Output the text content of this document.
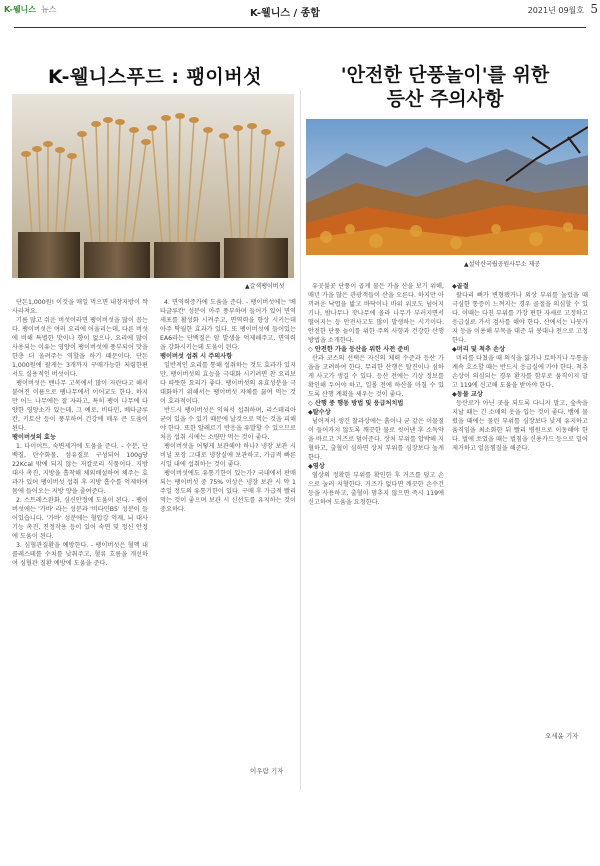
K-웰니스 뉴스	K-웰니스 / 종합	2021년 09월호 5
K-웰니스푸드 : 팽이버섯	'안전한 단풍놀이'를 위한
등산 주의사항
▲갈색팽이버섯
▲설악산국립공원사무소 제공

단돈1,000원! 이것을 매일 먹으면 내장지방이 싹 사라져요.

기름 많고 쉬운 버섯이라면 팽이버섯을 많이 꼽는다. 팽이버섯은 여러 요리에 어울리는데, 다른 버섯에 비해 특별한 맛이나 향이 없으나, 요리에 많이 사용되는 이유는 영양이 팽이버섯에 풍부되어 맛을 한층 더 올려주는 역할을 하기 때문이다. 단돈1,000원에 팔게는 3개까지 구매가능한 저렴한편서도 실용적인 버섯이다.

팽이버섯은 밴나무 고목에서 많이 자란다고 해서 붙여진 이름으로 팽나무에서 이어교도 한다. 하지만 어느 나무에든 잘 자라고, 특히 팽이 나무에 다양한 영양소가 있는데, 그 예로, 비타민, 베타글루칸, 키토산 등이 풍부하여 건강에 매우 큰 도움이 된다.

팽이버섯의 효능

1. 다이어트, 숙변제거에 도움을 준다. - 수분, 단백질, 탄수화물, 섬유질로 구성되어 100g당 22Kcal 밖에 되지 않는 저칼로리 식품이다. 지방대사 촉진, 지방을 흡착해 체외배설하여 체주는 효과가 있어 팽이버섯 섭취 후 지방 흡수를 억제하며 몸에 들어오는 지방 양을 줄여준다.

2. 스트레스완화, 심신안정에 도움이 된다. - 팽이버섯에는 '가바' 라는 성분과 '비타민B5' 성분이 들어있습니다. '가바' 성분에는 혈압강 억제, 뇌 대사 기능 촉진, 진정작용 등이 있어 숙면 및 정신 안정에 도움이 된다.

3. 심혈관질환을 예방한다. - 팽이버섯은 혈액 내 콜레스테롤 수치를 낮춰주고, 혈류 흐름을 개선하여 심혈관 질환 예방에 도움을 준다.

4. 면역력증가에 도움을 준다. - 팽이버섯에는 '베타글루칸' 성분이 아주 풍부하며 들어가 있어 면역세포를 활성화 시켜주고, 면역력을 향상 시키는데 아주 탁월한 효과가 있다. 또 팽이버섯에 들어있는 EA6라는 단백질은 암 발생을 억제해주고, 면역력을 강화시키는데 도움이 된다.

팽이버섯 섭취 시 주의사항

일반적인 요리를 통해 섭취하는 것도 효과가 있지만, 팽이버섯의 효능을 극대화 시키려면 찬 요리보다 따뜻한 요리가 좋다. 팽이버섯의 유효성분을 극대화하기 위해서는 팽이버섯 자체를 끓여 먹는 것이 효과적이다.

반드시 팽이버섯은 익혀서 섭취하며, 리스테리아 균이 있을 수 있기 때문에 날것으로 먹는 것을 피해야 한다. 또한 알레르기 반응을 유발할 수 있으므로 처음 섭취 시에는 소량만 먹는 것이 좋다.

팽이버섯을 어떻게 보관해야 하나? 냉장 보관 시 비닐 포장 그대로 냉장실에 보관하고, 가급적 빠른 시일 내에 섭취하는 것이 좋다.

팽이버섯에도 유통기한이 있는가? 국내에서 판매되는 팽이버섯 중 75% 이상은 냉장 보관 시 약 1주일 정도의 유통기한이 있다. 구매 후 가급적 빨리 먹는 것이 좋으며 보관 시 신선도를 유지하는 것이 중요하다.

이우람 기자

유곳불곳 단풍이 곱게 물든 가을 산을 보기 위해, 매년 가을 많은 관광객들이 산을 오른다. 하지만 아끼려운 낙엽을 밟고 바닥이나 바위 위로도 넘어지기나, 밤나무나 잣나무에 올라 나무가 부러지면서 떨어지는 등 안전사고도 많이 발생하는 시기이다. 안전한 단풍 놀이를 위한 주의 사항과 건강한 산행 방법을 소개한다.

◇ 안전한 가을 등산을 위한 사전 준비

산과 코스의 선택은 자신의 체력 수준과 등산 가을을 고려하여 한다. 무리한 산행은 탈진이나 심하게 사고가 생길 수 있다. 등산 전에는 기상 정보를 확인해 두어야 하고, 일몰 전에 하산을 마칠 수 있도록 산행 계획을 세우는 것이 좋다.

◇ 산행 중 행동 방법 및 응급처치법

◆탈수상

넘어져서 생긴 찰과상에는 흙이나 균 같은 이물질이 들어가지 않도록 깨끗한 물로 씻어낸 후 소독약을 바르고 거즈로 덮어준다. 상처 부위를 압박해 지혈하고, 출혈이 심하면 상처 부위를 심장보다 높게 한다.

◆염상

염상의 정확한 부위를 확인한 후 거즈를 덮고 손으로 눌러 지혈한다. 거즈가 없다면 깨끗한 손수건 등을 사용하고, 출혈이 멈추지 않으면 즉시 119에 신고하여 도움을 요청한다.

◆골절

팔다리 뼈가 변형됐거나 외상 부위를 눌렀을 때 극심한 통증이 느껴지는 경우 골절을 의심할 수 있다. 이때는 다친 부위를 가장 편한 자세로 고정하고 응급실로 가서 검사를 해야 한다. 산에서는 나뭇가지 등을 이용해 부목을 대준 뒤 붕대나 천으로 고정한다.

◆머리 및 척추 손상

머리를 다쳤을 때 의식을 잃거나 토하거나 두통을 계속 호소할 때는 반드시 응급실에 가야 한다. 척추 손상이 의심되는 경우 환자를 함부로 움직이지 말고 119에 신고해 도움을 받아야 한다.

◆동물 교상

등산로가 아닌 곳을 되도록 다니지 말고, 숲속을 지날 때는 긴 소매의 옷을 입는 것이 좋다. 뱀에 물렸을 때에는 물린 부위를 심장보다 낮게 유지하고 움직임을 최소화한 뒤 빨리 병원으로 이동해야 한다. 벌에 쏘였을 때는 벌침을 신용카드 등으로 밀어 제거하고 얼음찜질을 해준다.

오세윤 기자
